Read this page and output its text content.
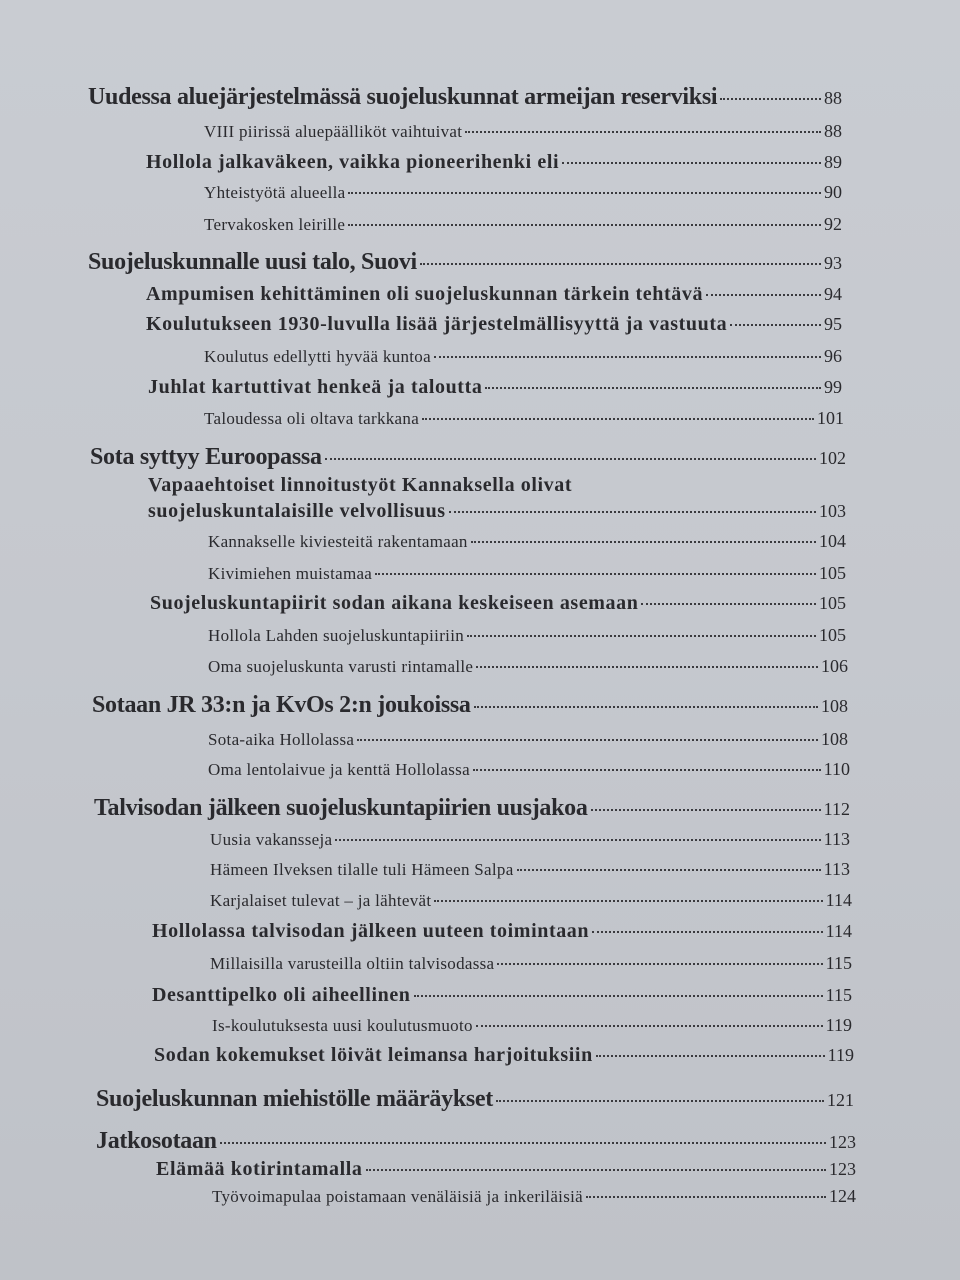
Uudessa aluejärjestelmässä suojeluskunnat armeijan reserviksi	88
VIII piirissä aluepäälliköt vaihtuivat	88
Hollola jalkaväkeen, vaikka pioneerihenki eli	89
Yhteistyötä alueella	90
Tervakosken leirille	92
Suojeluskunnalle uusi talo, Suovi	93
Ampumisen kehittäminen oli suojeluskunnan tärkein tehtävä	94
Koulutukseen 1930-luvulla lisää järjestelmällisyyttä ja vastuuta	95
Koulutus edellytti hyvää kuntoa	96
Juhlat kartuttivat henkeä ja taloutta	99
Taloudessa oli oltava tarkkana	101
Sota syttyy Euroopassa	102
Vapaaehtoiset linnoitustyöt Kannaksella olivat
suojeluskuntalaisille velvollisuus	103
Kannakselle kiviesteitä rakentamaan	104
Kivimiehen muistamaa	105
Suojeluskuntapiirit sodan aikana keskeiseen asemaan	105
Hollola Lahden suojeluskuntapiiriin	105
Oma suojeluskunta varusti rintamalle	106
Sotaan JR 33:n ja KvOs 2:n joukoissa	108
Sota-aika Hollolassa	108
Oma lentolaivue ja kenttä Hollolassa	110
Talvisodan jälkeen suojeluskuntapiirien uusjakoa	112
Uusia vakansseja	113
Hämeen Ilveksen tilalle tuli Hämeen Salpa	113
Karjalaiset tulevat – ja lähtevät	114
Hollolassa talvisodan jälkeen uuteen toimintaan	114
Millaisilla varusteilla oltiin talvisodassa	115
Desanttipelko oli aiheellinen	115
Is-koulutuksesta uusi koulutusmuoto	119
Sodan kokemukset löivät leimansa harjoituksiin	119
Suojeluskunnan miehistölle määräykset	121
Jatkosotaan	123
Elämää kotirintamalla	123
Työvoimapulaa poistamaan venäläisiä ja inkeriläisiä	124
